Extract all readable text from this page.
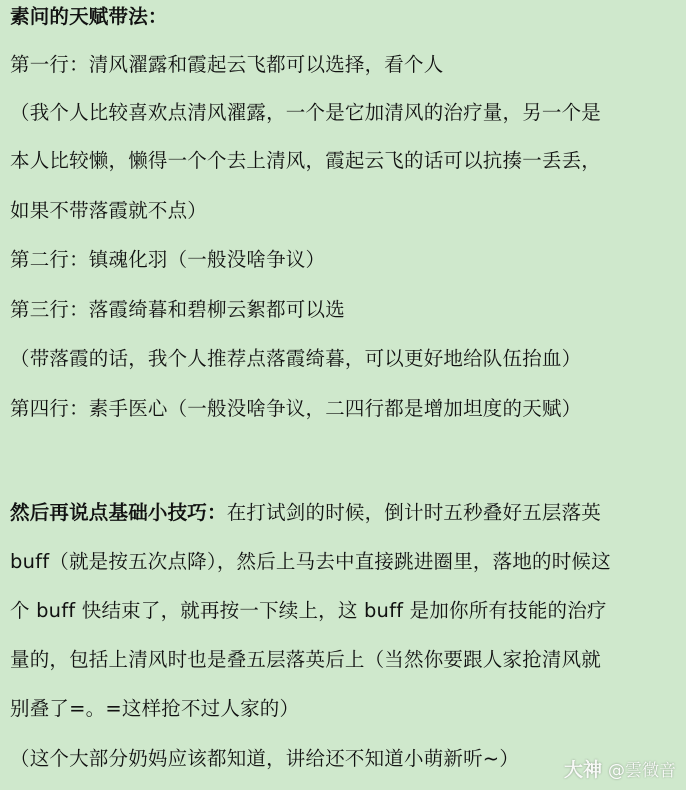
素问的天赋带法：
第一行：清风濯露和霞起云飞都可以选择，看个人
（我个人比较喜欢点清风濯露，一个是它加清风的治疗量，另一个是
本人比较懒，懒得一个个去上清风，霞起云飞的话可以抗揍一丢丢，
如果不带落霞就不点）
第二行：镇魂化羽（一般没啥争议）
第三行：落霞绮暮和碧柳云絮都可以选
（带落霞的话，我个人推荐点落霞绮暮，可以更好地给队伍抬血）
第四行：素手医心（一般没啥争议，二四行都是增加坦度的天赋）
然后再说点基础小技巧：在打试剑的时候，倒计时五秒叠好五层落英
buff（就是按五次点降），然后上马去中直接跳进圈里，落地的时候这
个 buff 快结束了，就再按一下续上，这 buff 是加你所有技能的治疗
量的，包括上清风时也是叠五层落英后上（当然你要跟人家抢清风就
别叠了=。=这样抢不过人家的）
（这个大部分奶妈应该都知道，讲给还不知道小萌新听~）	大神 @雲徵音
